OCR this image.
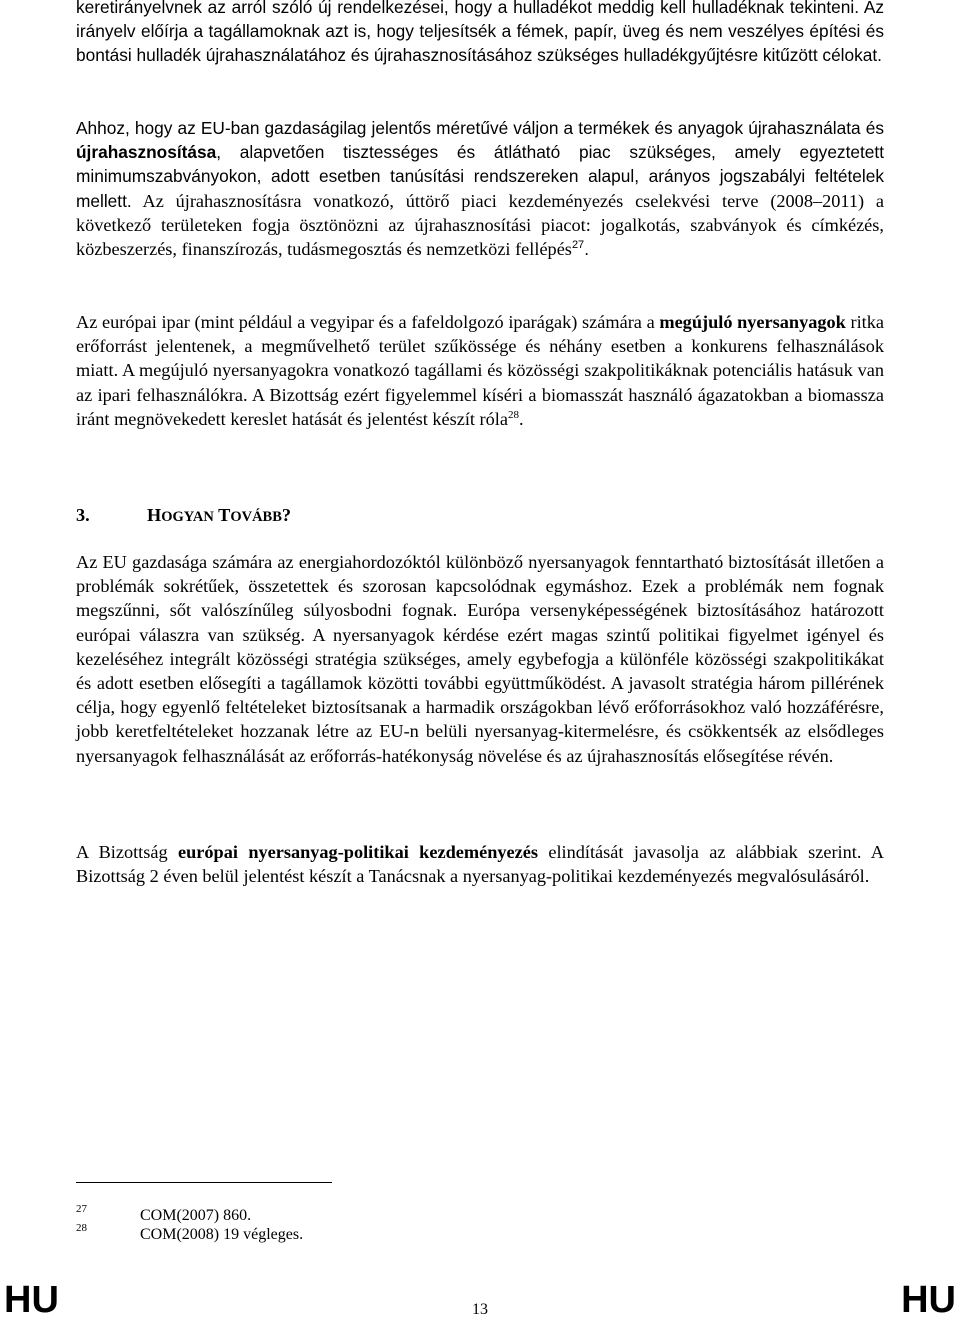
keretirányelvnek az arról szóló új rendelkezései, hogy a hulladékot meddig kell hulladéknak tekinteni. Az irányelv előírja a tagállamoknak azt is, hogy teljesítsék a fémek, papír, üveg és nem veszélyes építési és bontási hulladék újrahasználatához és újrahasznosításához szükséges hulladékgyűjtésre kitűzött célokat.

Ahhoz, hogy az EU-ban gazdaságilag jelentős méretűvé váljon a termékek és anyagok újrahasználata és újrahasznosítása, alapvetően tisztességes és átlátható piac szükséges, amely egyeztetett minimumszabványokon, adott esetben tanúsítási rendszereken alapul, arányos jogszabályi feltételek mellett. Az újrahasznosításra vonatkozó, úttörő piaci kezdeményezés cselekvési terve (2008–2011) a következő területeken fogja ösztönözni az újrahasznosítási piacot: jogalkotás, szabványok és címkézés, közbeszerzés, finanszírozás, tudásmegosztás és nemzetközi fellépés$^{27}$.

Az európai ipar (mint például a vegyipar és a fafeldolgozó iparágak) számára a megújuló nyersanyagok ritka erőforrást jelentenek, a megművelhető terület szűkössége és néhány esetben a konkurens felhasználások miatt. A megújuló nyersanyagokra vonatkozó tagállami és közösségi szakpolitikáknak potenciális hatásuk van az ipari felhasználókra. A Bizottság ezért figyelemmel kíséri a biomasszát használó ágazatokban a biomassza iránt megnövekedett kereslet hatását és jelentést készít róla$^{28}$.

3.	HOGYAN TOVÁBB?

Az EU gazdasága számára az energiahordozóktól különböző nyersanyagok fenntartható biztosítását illetően a problémák sokrétűek, összetettek és szorosan kapcsolódnak egymáshoz. Ezek a problémák nem fognak megszűnni, sőt valószínűleg súlyosbodni fognak. Európa versenyképességének biztosításához határozott európai válaszra van szükség. A nyersanyagok kérdése ezért magas szintű politikai figyelmet igényel és kezeléséhez integrált közösségi stratégia szükséges, amely egybefogja a különféle közösségi szakpolitikákat és adott esetben elősegíti a tagállamok közötti további együttműködést. A javasolt stratégia három pillérének célja, hogy egyenlő feltételeket biztosítsanak a harmadik országokban lévő erőforrásokhoz való hozzáférésre, jobb keretfeltételeket hozzanak létre az EU-n belüli nyersanyag-kitermelésre, és csökkentsék az elsődleges nyersanyagok felhasználását az erőforrás-hatékonyság növelése és az újrahasznosítás elősegítése révén.

A Bizottság európai nyersanyag-politikai kezdeményezés elindítását javasolja az alábbiak szerint. A Bizottság 2 éven belül jelentést készít a Tanácsnak a nyersanyag-politikai kezdeményezés megvalósulásáról.

27	COM(2007) 860.
28	COM(2008) 19 végleges.
HU	13	HU
